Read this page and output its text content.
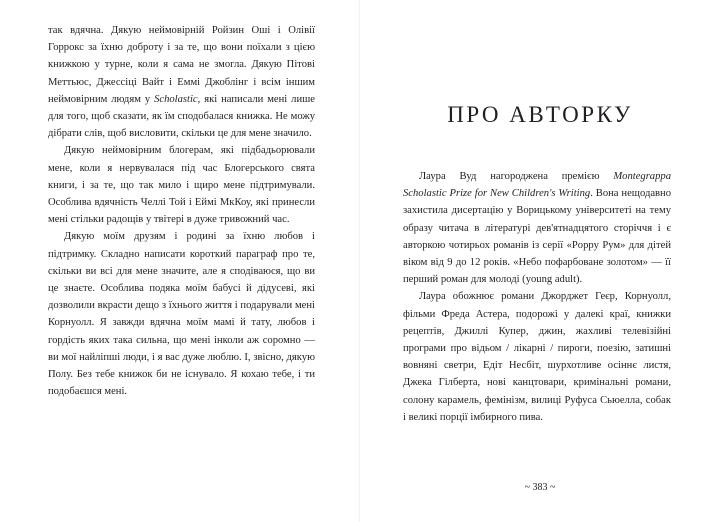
так вдячна. Дякую неймовірній Ройзин Оші і Олівії Горрокс за їхню доброту і за те, що вони поїхали з цією книжкою у турне, коли я сама не змогла. Дякую Пітові Меттьюс, Джессіці Вайт і Еммі Джоблінг і всім іншим неймовірним людям у Scholastic, які написали мені лише для того, щоб сказати, як їм сподобалася книжка. Не можу дібрати слів, щоб висловити, скільки це для мене значило.

Дякую неймовірним блогерам, які підбадьорювали мене, коли я нервувалася під час Блогерського свята книги, і за те, що так мило і щиро мене підтримували. Особлива вдячність Челлі Той і Еймі МкКоу, які принесли мені стільки радощів у твітері в дуже тривожний час.

Дякую моїм друзям і родині за їхню любов і підтримку. Складно написати короткий параграф про те, скільки ви всі для мене значите, але я сподіваюся, що ви це знаєте. Особлива подяка моїм бабусі й дідусеві, які дозволили вкрасти дещо з їхнього життя і подарували мені Корнуолл. Я завжди вдячна моїм мамі й тату, любов і гордість яких така сильна, що мені інколи аж соромно — ви мої найліпші люди, і я вас дуже люблю. І, звісно, дякую Полу. Без тебе книжок би не існувало. Я кохаю тебе, і ти подобаєшся мені.

ПРО АВТОРКУ

Лаура Вуд нагороджена премією Montegrappa Scholastic Prize for New Children's Writing. Вона нещодавно захистила дисертацію у Ворицькому університеті на тему образу читача в літературі дев'ятнадцятого сторіччя і є авторкою чотирьох романів із серії «Poppy Рум» для дітей віком від 9 до 12 років. «Небо пофарбоване золотом» — її перший роман для молоді (young adult).

Лаура обожнює романи Джорджет Геєр, Корнуолл, фільми Фреда Астера, подорожі у далекі краї, книжки рецептів, Джиллі Купер, джин, жахливі телевізійні програми про відьом / лікарні / пироги, поезію, затишні вовняні светри, Едіт Несбіт, шурхотливе осіннє листя, Джека Гілберта, нові канцтовари, кримінальні романи, солону карамель, фемінізм, вилиці Руфуса Сьюелла, собак і великі порції імбирного пива.

~ 383 ~
